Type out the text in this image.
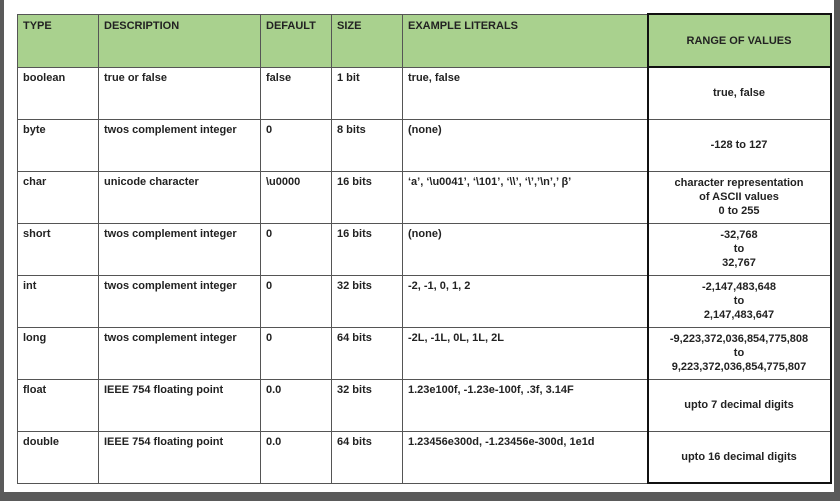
TYPE	DESCRIPTION	DEFAULT	SIZE	EXAMPLE LITERALS	RANGE OF VALUES
boolean	true or false	false	1 bit	true, false	true, false

byte	twos complement integer	0	8 bits	(none)	-128 to 127

char	unicode character	\u0000	16 bits	‘a’, ‘\u0041’, ‘\101’, ‘\\’, ‘\’,’\n’,’ β’	character representation
of ASCII values
0 to 255

short	twos complement integer	0	16 bits	(none)	-32,768
to
32,767

int	twos complement integer	0	32 bits	-2, -1, 0, 1, 2	-2,147,483,648
to
2,147,483,647

long	twos complement integer	0	64 bits	-2L, -1L, 0L, 1L, 2L	-9,223,372,036,854,775,808
to
9,223,372,036,854,775,807

float	IEEE 754 floating point	0.0	32 bits	1.23e100f, -1.23e-100f, .3f, 3.14F	upto 7 decimal digits

double	IEEE 754 floating point	0.0	64 bits	1.23456e300d, -1.23456e-300d, 1e1d	upto 16 decimal digits
